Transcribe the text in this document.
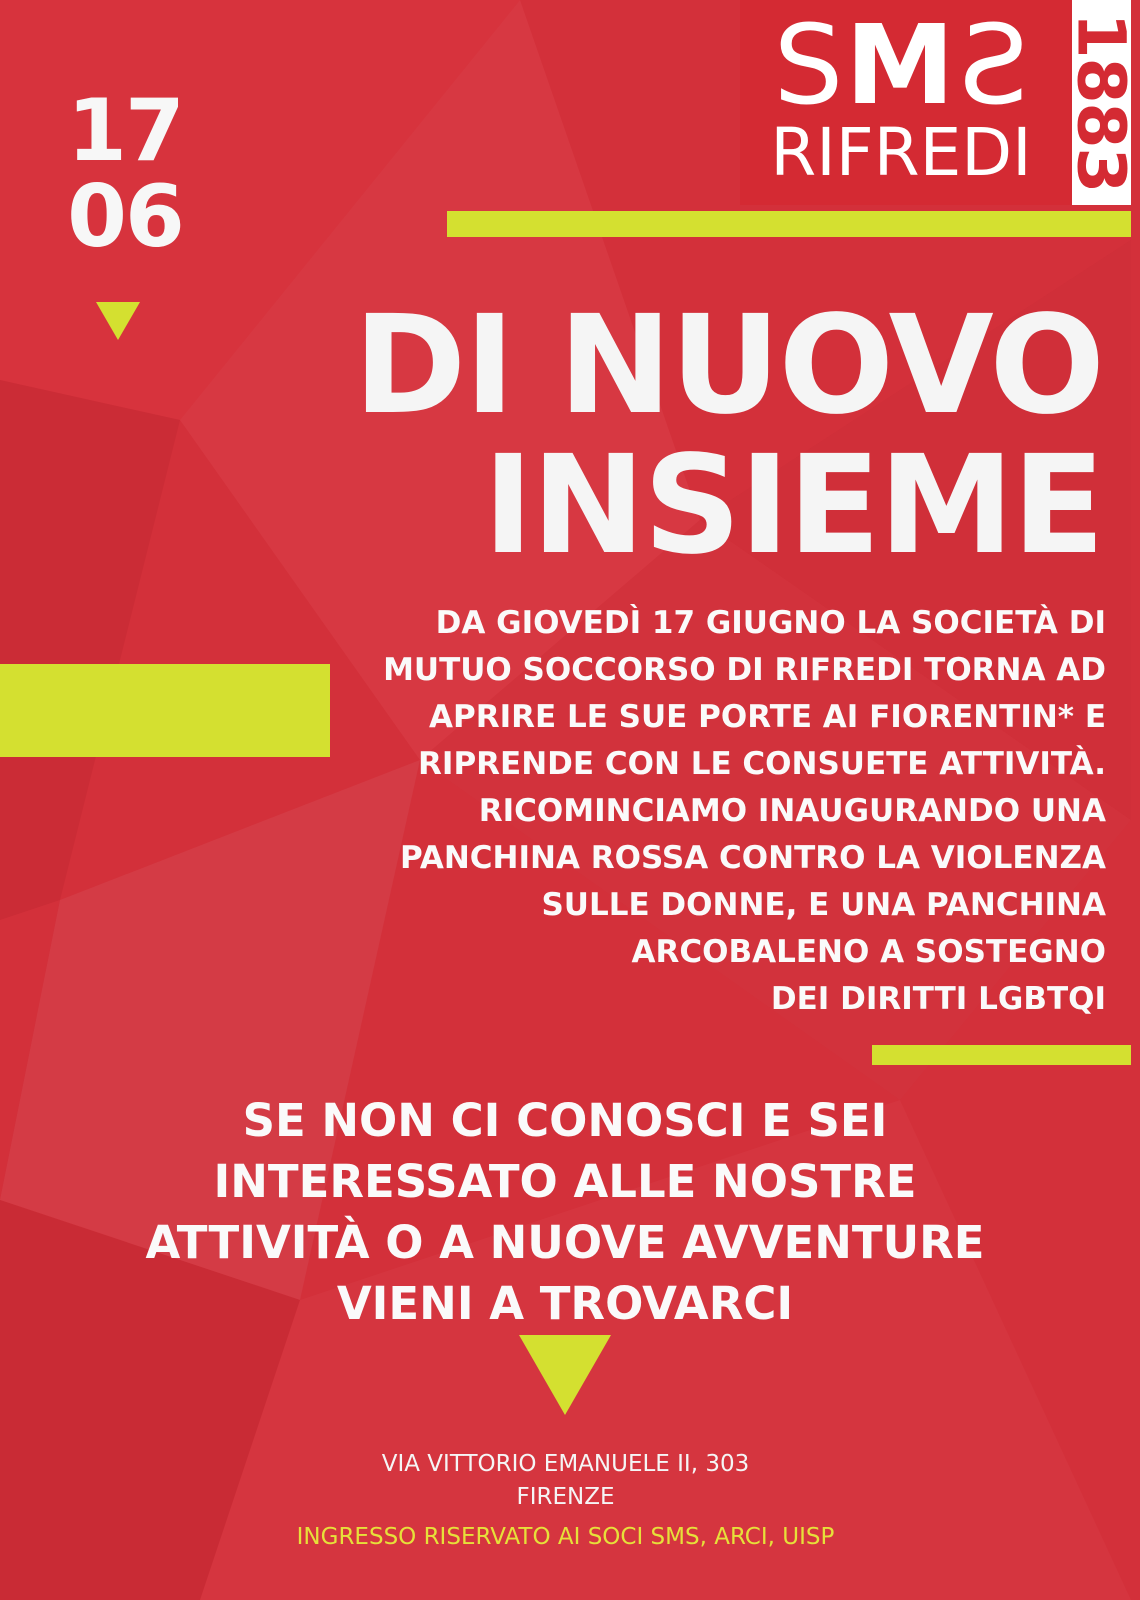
17
06
SMS
RIFREDI 1883
DI NUOVO
INSIEME
DA GIOVEDÌ 17 GIUGNO LA SOCIETÀ DI
MUTUO SOCCORSO DI RIFREDI TORNA AD
APRIRE LE SUE PORTE AI FIORENTIN* E
RIPRENDE CON LE CONSUETE ATTIVITÀ.
RICOMINCIAMO INAUGURANDO UNA
PANCHINA ROSSA CONTRO LA VIOLENZA
SULLE DONNE, E UNA PANCHINA
ARCOBALENO A SOSTEGNO
DEI DIRITTI LGBTQI
SE NON CI CONOSCI E SEI
INTERESSATO ALLE NOSTRE
ATTIVITÀ O A NUOVE AVVENTURE
VIENI A TROVARCI
VIA VITTORIO EMANUELE II, 303
FIRENZE
INGRESSO RISERVATO AI SOCI SMS, ARCI, UISP
